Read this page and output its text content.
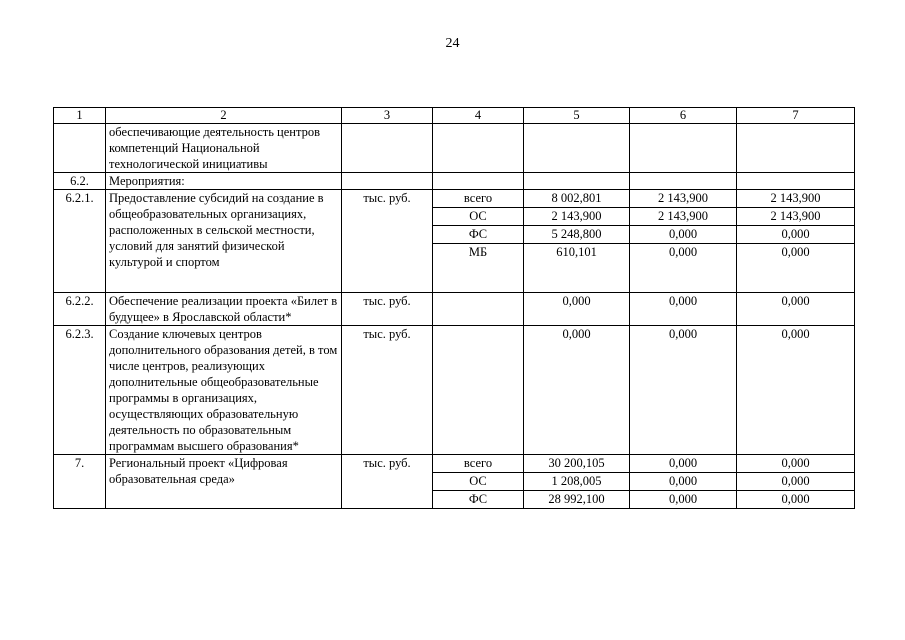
24
1	2	3	4	5	6	7
	обеспечивающие деятельность центров компетенций Национальной технологической инициативы					
6.2.	Мероприятия:					
6.2.1.	Предоставление субсидий на создание в общеобразовательных организациях, расположенных в сельской местности, условий для занятий физической культурой и спортом	тыс. руб.	всего	8 002,801	2 143,900	2 143,900
			ОС	2 143,900	2 143,900	2 143,900
			ФС	5 248,800	0,000	0,000
			МБ	610,101	0,000	0,000
6.2.2.	Обеспечение реализации проекта «Билет в будущее» в Ярославской области*	тыс. руб.		0,000	0,000	0,000
6.2.3.	Создание ключевых центров дополнительного образования детей, в том числе центров, реализующих дополнительные общеобразовательные программы в организациях, осуществляющих образовательную деятельность по образовательным программам высшего образования*	тыс. руб.		0,000	0,000	0,000
7.	Региональный проект «Цифровая образовательная среда»	тыс. руб.	всего	30 200,105	0,000	0,000
			ОС	1 208,005	0,000	0,000
			ФС	28 992,100	0,000	0,000
